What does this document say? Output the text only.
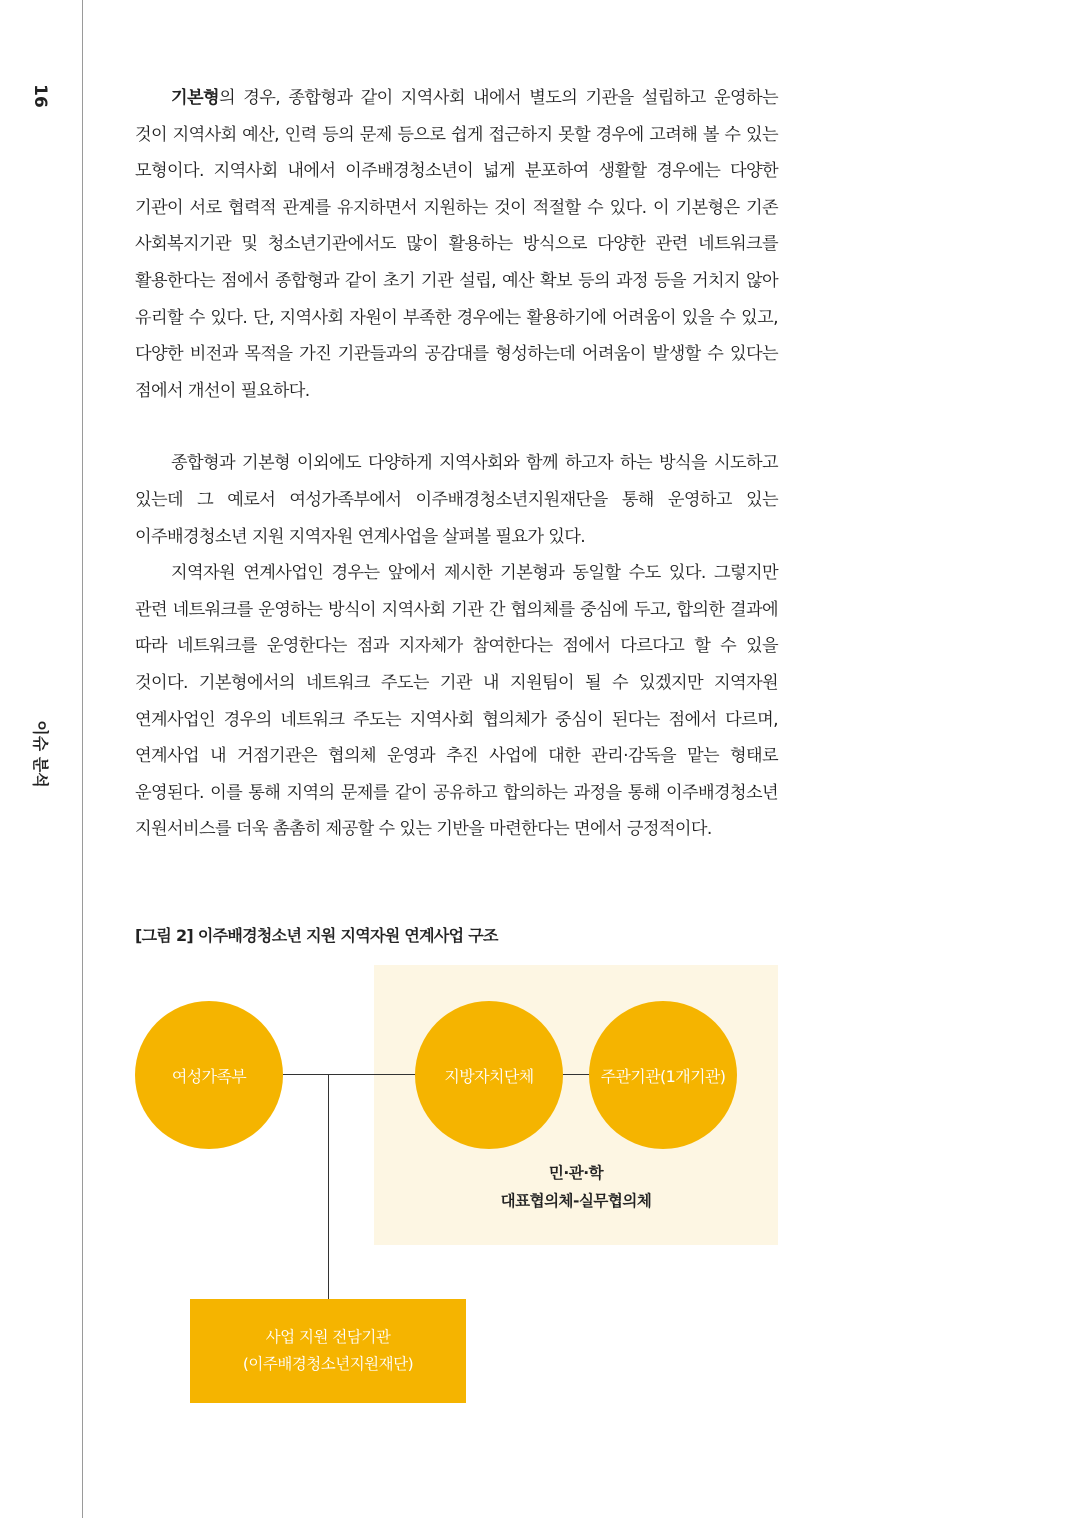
16
이슈 분석

기본형의 경우, 종합형과 같이 지역사회 내에서 별도의 기관을 설립하고 운영하는 것이 지역사회 예산, 인력 등의 문제 등으로 쉽게 접근하지 못할 경우에 고려해 볼 수 있는 모형이다. 지역사회 내에서 이주배경청소년이 넓게 분포하여 생활할 경우에는 다양한 기관이 서로 협력적 관계를 유지하면서 지원하는 것이 적절할 수 있다. 이 기본형은 기존 사회복지기관 및 청소년기관에서도 많이 활용하는 방식으로 다양한 관련 네트워크를 활용한다는 점에서 종합형과 같이 초기 기관 설립, 예산 확보 등의 과정 등을 거치지 않아 유리할 수 있다. 단, 지역사회 자원이 부족한 경우에는 활용하기에 어려움이 있을 수 있고, 다양한 비전과 목적을 가진 기관들과의 공감대를 형성하는데 어려움이 발생할 수 있다는 점에서 개선이 필요하다.

종합형과 기본형 이외에도 다양하게 지역사회와 함께 하고자 하는 방식을 시도하고 있는데 그 예로서 여성가족부에서 이주배경청소년지원재단을 통해 운영하고 있는 이주배경청소년 지원 지역자원 연계사업을 살펴볼 필요가 있다.

지역자원 연계사업인 경우는 앞에서 제시한 기본형과 동일할 수도 있다. 그렇지만 관련 네트워크를 운영하는 방식이 지역사회 기관 간 협의체를 중심에 두고, 합의한 결과에 따라 네트워크를 운영한다는 점과 지자체가 참여한다는 점에서 다르다고 할 수 있을 것이다. 기본형에서의 네트워크 주도는 기관 내 지원팀이 될 수 있겠지만 지역자원 연계사업인 경우의 네트워크 주도는 지역사회 협의체가 중심이 된다는 점에서 다르며, 연계사업 내 거점기관은 협의체 운영과 추진 사업에 대한 관리·감독을 맡는 형태로 운영된다. 이를 통해 지역의 문제를 같이 공유하고 합의하는 과정을 통해 이주배경청소년 지원서비스를 더욱 촘촘히 제공할 수 있는 기반을 마련한다는 면에서 긍정적이다.

[그림 2] 이주배경청소년 지원 지역자원 연계사업 구조
여성가족부	지방자치단체	주관기관(1개기관)
민·관·학
대표협의체-실무협의체
사업 지원 전담기관
(이주배경청소년지원재단)
